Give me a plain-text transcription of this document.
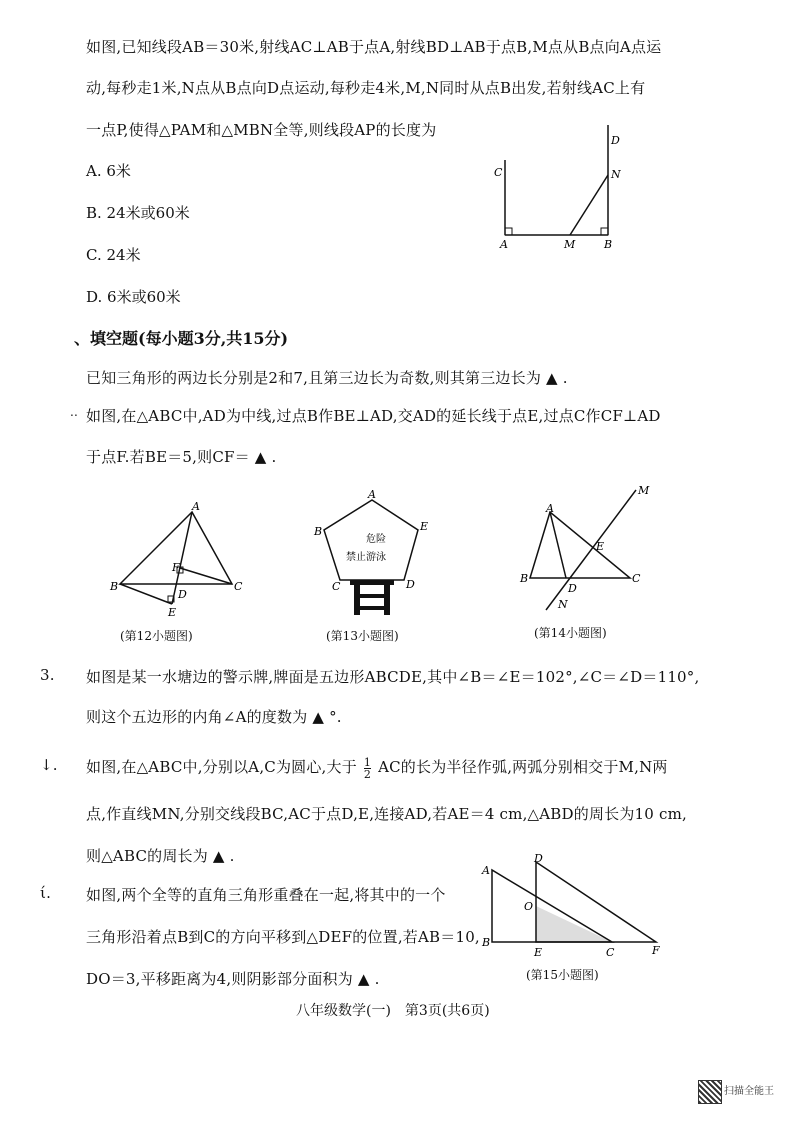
如图,已知线段AB＝30米,射线AC⊥AB于点A,射线BD⊥AB于点B,M点从B点向A点运
动,每秒走1米,N点从B点向D点运动,每秒走4米,M,N同时从点B出发,若射线AC上有
一点P,使得△PAM和△MBN全等,则线段AP的长度为
A. 6米
B. 24米或60米
C. 24米
D. 6米或60米
C
D
N
A	M	B
、填空题(每小题3分,共15分)
已知三角形的两边长分别是2和7,且第三边长为奇数,则其第三边长为 ▲ .
.. 如图,在△ABC中,AD为中线,过点B作BE⊥AD,交AD的延长线于点E,过点C作CF⊥AD
于点F.若BE＝5,则CF＝ ▲ .
A
F
B
D
C
E
(第12小题图)
A
B	E
C	D
危险
禁止游泳
(第13小题图)
A
M
E
B
D
C
N
(第14小题图)
3. 如图是某一水塘边的警示牌,牌面是五边形ABCDE,其中∠B＝∠E＝102°,∠C＝∠D＝110°,
则这个五边形的内角∠A的度数为 ▲ °.
↓. 如图,在△ABC中,分别以A,C为圆心,大于 $\frac{1}{2}$ AC的长为半径作弧,两弧分别相交于M,N两
点,作直线MN,分别交线段BC,AC于点D,E,连接AD,若AE＝4 cm,△ABD的周长为10 cm,
则△ABC的周长为 ▲ .
ί. 如图,两个全等的直角三角形重叠在一起,将其中的一个
三角形沿着点B到C的方向平移到△DEF的位置,若AB＝10,
DO＝3,平移距离为4,则阴影部分面积为 ▲ .
D
A
O
B
E	C	F
(第15小题图)
八年级数学(一)　第3页(共6页)
扫描全能王
